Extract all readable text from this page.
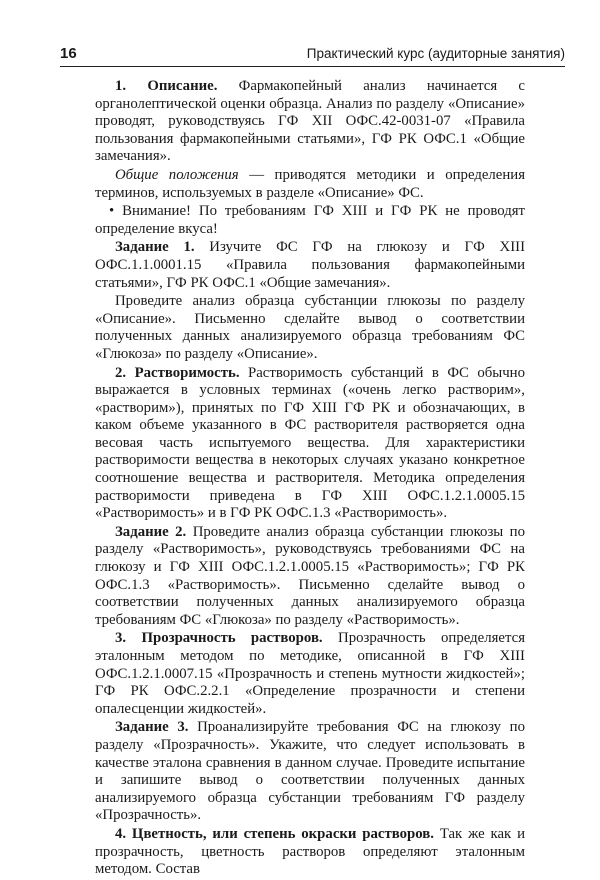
16	Практический курс (аудиторные занятия)

1. Описание. Фармакопейный анализ начинается с органолептической оценки образца. Анализ по разделу «Описание» проводят, руководствуясь ГФ XII ОФС.42-0031-07 «Правила пользования фармакопейными статьями», ГФ РК ОФС.1 «Общие замечания».

Общие положения — приводятся методики и определения терминов, используемых в разделе «Описание» ФС.

• Внимание! По требованиям ГФ XIII и ГФ РК не проводят определение вкуса!

Задание 1. Изучите ФС ГФ на глюкозу и ГФ XIII ОФС.1.1.0001.15 «Правила пользования фармакопейными статьями», ГФ РК ОФС.1 «Общие замечания».

Проведите анализ образца субстанции глюкозы по разделу «Описание». Письменно сделайте вывод о соответствии полученных данных анализируемого образца требованиям ФС «Глюкоза» по разделу «Описание».

2. Растворимость. Растворимость субстанций в ФС обычно выражается в условных терминах («очень легко растворим», «растворим»), принятых по ГФ XIII ГФ РК и обозначающих, в каком объеме указанного в ФС растворителя растворяется одна весовая часть испытуемого вещества. Для характеристики растворимости вещества в некоторых случаях указано конкретное соотношение вещества и растворителя. Методика определения растворимости приведена в ГФ XIII ОФС.1.2.1.0005.15 «Растворимость» и в ГФ РК ОФС.1.3 «Растворимость».

Задание 2. Проведите анализ образца субстанции глюкозы по разделу «Растворимость», руководствуясь требованиями ФС на глюкозу и ГФ XIII ОФС.1.2.1.0005.15 «Растворимость»; ГФ РК ОФС.1.3 «Растворимость». Письменно сделайте вывод о соответствии полученных данных анализируемого образца требованиям ФС «Глюкоза» по разделу «Растворимость».

3. Прозрачность растворов. Прозрачность определяется эталонным методом по методике, описанной в ГФ XIII ОФС.1.2.1.0007.15 «Прозрачность и степень мутности жидкостей»; ГФ РК ОФС.2.2.1 «Определение прозрачности и степени опалесценции жидкостей».

Задание 3. Проанализируйте требования ФС на глюкозу по разделу «Прозрачность». Укажите, что следует использовать в качестве эталона сравнения в данном случае. Проведите испытание и запишите вывод о соответствии полученных данных анализируемого образца субстанции требованиям ГФ разделу «Прозрачность».

4. Цветность, или степень окраски растворов. Так же как и прозрачность, цветность растворов определяют эталонным методом. Состав
